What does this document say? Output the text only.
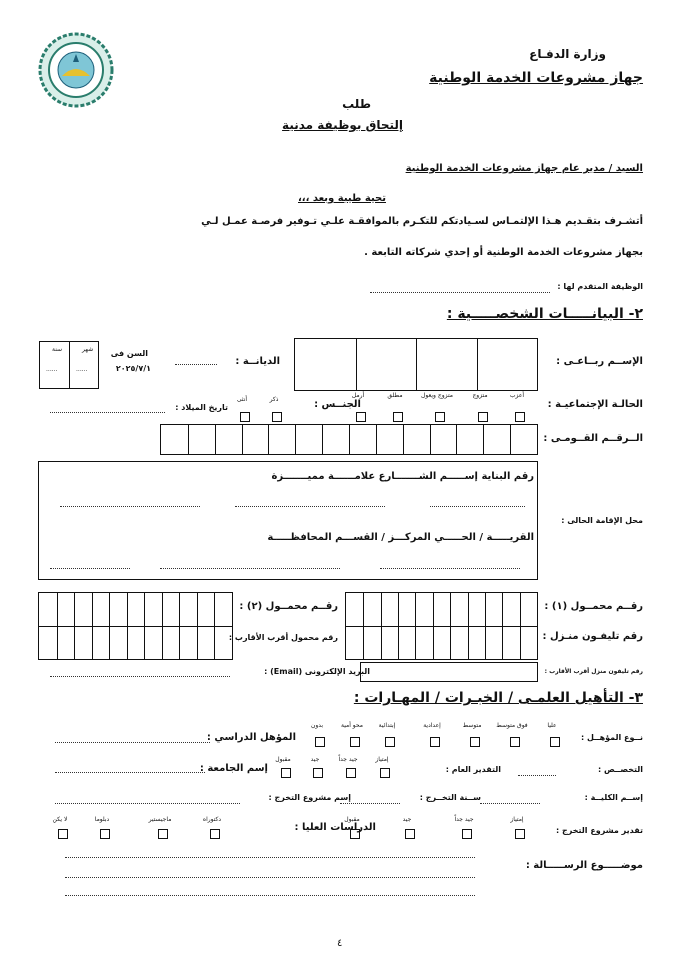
وزارة الدفـاع
جهاز مشروعات الخدمة الوطنية
طلب
إلتحاق بوظيفة مدنية
السيد / مدير عام جهاز مشروعات الخدمة الوطنية
تحية طيبة وبعد ،،،
أتشـرف بتقـديم هـذا الإلتمـاس لسـيادتكم للتكـرم بالموافقـة علـي تـوفير فرصـة عمـل لـي
بجهاز مشروعات الخدمة الوطنية أو إحدي شركاته التابعة .
الوظيفة المتقدم لها :
٢- البيانـــــات الشخصـــــية :
الإســم ربــاعـى :
الديانــة :
السن فى
٢٠٢٥/٧/١
سنة	شهر
......	......
الحالـة الإجتماعيـة :
أعزب
متزوج
متزوج ويعول
مطلق
أرمل
الجنــس :
ذكر
أنثى
تاريخ الميلاد :
الــرقــم القــومـى :
محل الإقامة الحالى :
رقم البناية إســـــم الشـــــــارع علامــــــة مميـــــــزة
القريـــــة / الحـــــي المركـــز / القســـم المحافظـــــة
رقــم محمــول (١) :
رقم تليفـون منـزل :
رقــم محمــول (٢) :
رقم محمول أقرب الأقارب :
رقم تليفون منزل أقرب الأقارب :
البريد الإلكترونى (Email) :
٣- التأهيل العلمـى / الخبـرات / المهـارات :
نــوع المؤهــل :
عليا
فوق متوسط
متوسط
إعدادية
إبتدائية
محو أمية
بدون
المؤهل الدراسي :
التخصــص :
التقدير العام :
إمتياز
جيد جداً
جيد
مقبول
إسم الجامعة :
إســم الكليــة :
ســنة التخــرج :
إسم مشروع التخرج :
تقدير مشروع التخرج :
إمتياز
جيد جداً
جيد
مقبول
الدراسات العليا :
دكتوراه
ماجيستير
دبلوما
لا يكن
موضـــــوع الرســـــالة :
٤
